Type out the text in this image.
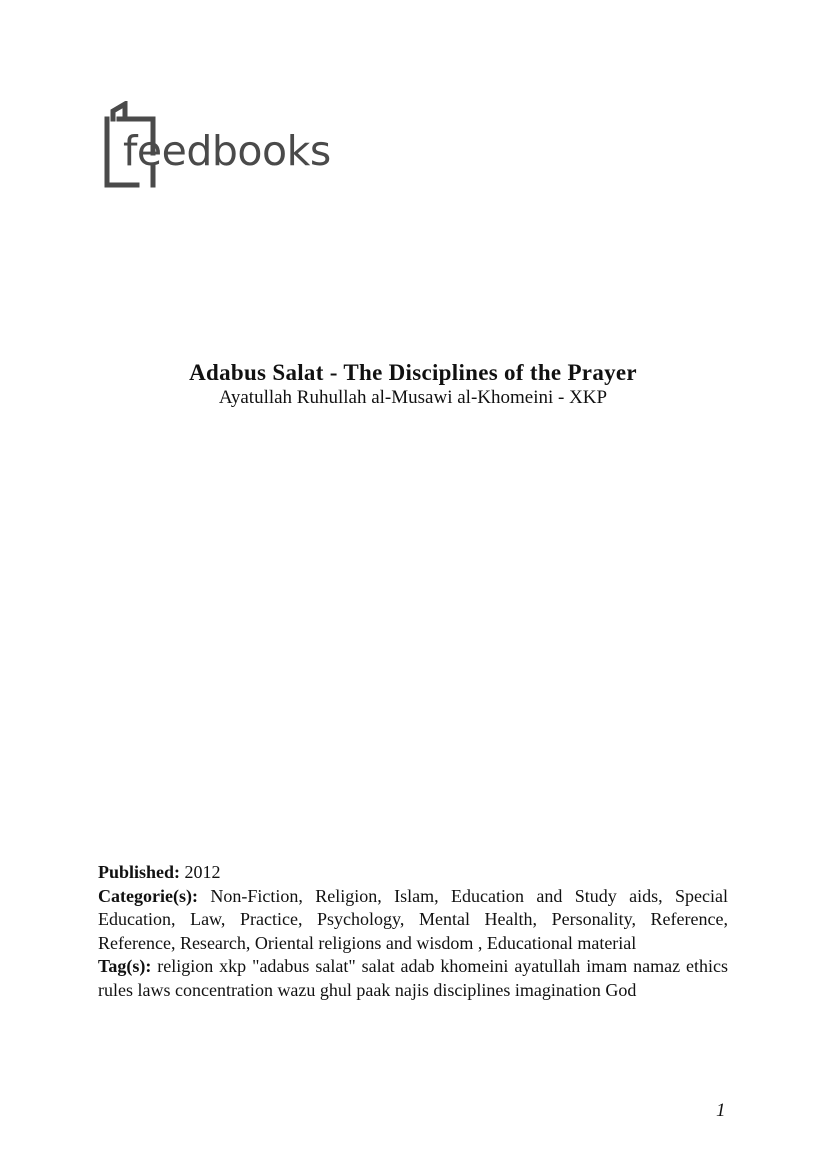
feedbooks
Adabus Salat - The Disciplines of the Prayer
Ayatullah Ruhullah al-Musawi al-Khomeini - XKP

Published: 2012

Categorie(s): Non-Fiction, Religion, Islam, Education and Study aids, Special Education, Law, Practice, Psychology, Mental Health, Personality, Reference, Reference, Research, Oriental religions and wisdom , Educational material

Tag(s): religion xkp "adabus salat" salat adab khomeini ayatullah imam namaz ethics rules laws concentration wazu ghul paak najis disciplines imagination God

1
